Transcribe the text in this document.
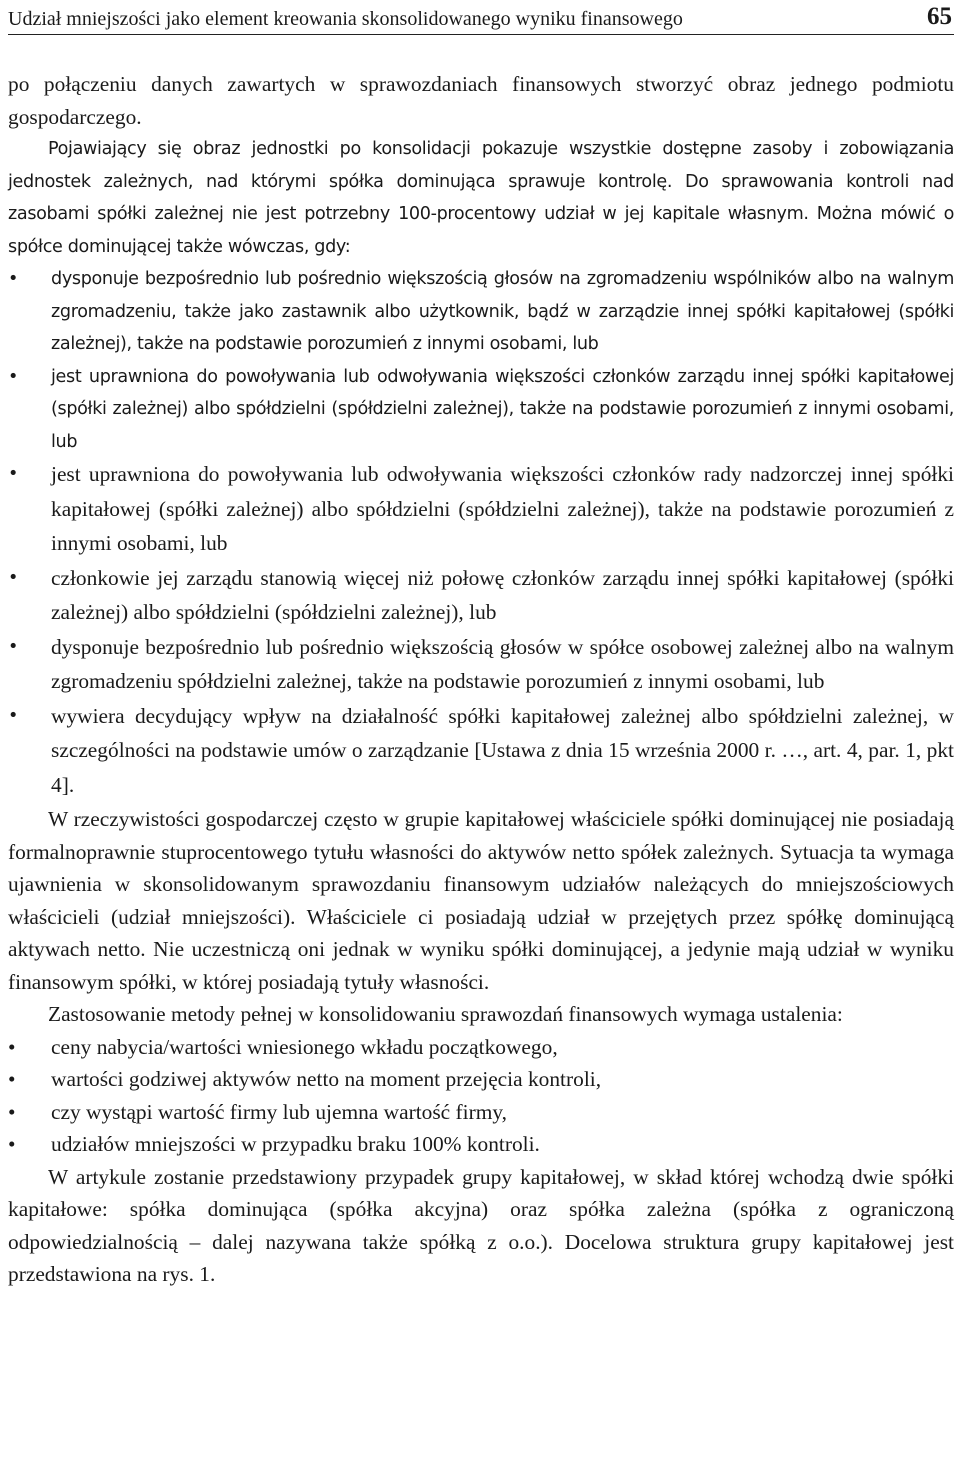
Udział mniejszości jako element kreowania skonsolidowanego wyniku finansowego	65

po połączeniu danych zawartych w sprawozdaniach finansowych stworzyć obraz jednego podmiotu gospodarczego.

Pojawiający się obraz jednostki po konsolidacji pokazuje wszystkie dostępne zasoby i zobowiązania jednostek zależnych, nad którymi spółka dominująca sprawuje kontrolę. Do sprawowania kontroli nad zasobami spółki zależnej nie jest potrzebny 100-procentowy udział w jej kapitale własnym. Można mówić o spółce dominującej także wówczas, gdy:

•	dysponuje bezpośrednio lub pośrednio większością głosów na zgromadzeniu wspólników albo na walnym zgromadzeniu, także jako zastawnik albo użytkownik, bądź w zarządzie innej spółki kapitałowej (spółki zależnej), także na podstawie porozumień z innymi osobami, lub
•	jest uprawniona do powoływania lub odwoływania większości członków zarządu innej spółki kapitałowej (spółki zależnej) albo spółdzielni (spółdzielni zależnej), także na podstawie porozumień z innymi osobami, lub
• jest uprawniona do powoływania lub odwoływania większości członków rady nadzorczej innej spółki kapitałowej (spółki zależnej) albo spółdzielni (spółdzielni zależnej), także na podstawie porozumień z innymi osobami, lub
• członkowie jej zarządu stanowią więcej niż połowę członków zarządu innej spółki kapitałowej (spółki zależnej) albo spółdzielni (spółdzielni zależnej), lub
• dysponuje bezpośrednio lub pośrednio większością głosów w spółce osobowej zależnej albo na walnym zgromadzeniu spółdzielni zależnej, także na podstawie porozumień z innymi osobami, lub
• wywiera decydujący wpływ na działalność spółki kapitałowej zależnej albo spółdzielni zależnej, w szczególności na podstawie umów o zarządzanie [Ustawa z dnia 15 września 2000 r. …, art. 4, par. 1, pkt 4].

W rzeczywistości gospodarczej często w grupie kapitałowej właściciele spółki dominującej nie posiadają formalnoprawnie stuprocentowego tytułu własności do aktywów netto spółek zależnych. Sytuacja ta wymaga ujawnienia w skonsolidowanym sprawozdaniu finansowym udziałów należących do mniejszościowych właścicieli (udział mniejszości). Właściciele ci posiadają udział w przejętych przez spółkę dominującą aktywach netto. Nie uczestniczą oni jednak w wyniku spółki dominującej, a jedynie mają udział w wyniku finansowym spółki, w której posiadają tytuły własności.

Zastosowanie metody pełnej w konsolidowaniu sprawozdań finansowych wymaga ustalenia:

•	ceny nabycia/wartości wniesionego wkładu początkowego,
•	wartości godziwej aktywów netto na moment przejęcia kontroli,
•	czy wystąpi wartość firmy lub ujemna wartość firmy,
•	udziałów mniejszości w przypadku braku 100% kontroli.

W artykule zostanie przedstawiony przypadek grupy kapitałowej, w skład której wchodzą dwie spółki kapitałowe: spółka dominująca (spółka akcyjna) oraz spółka zależna (spółka z ograniczoną odpowiedzialnością – dalej nazywana także spółką z o.o.). Docelowa struktura grupy kapitałowej jest przedstawiona na rys. 1.
